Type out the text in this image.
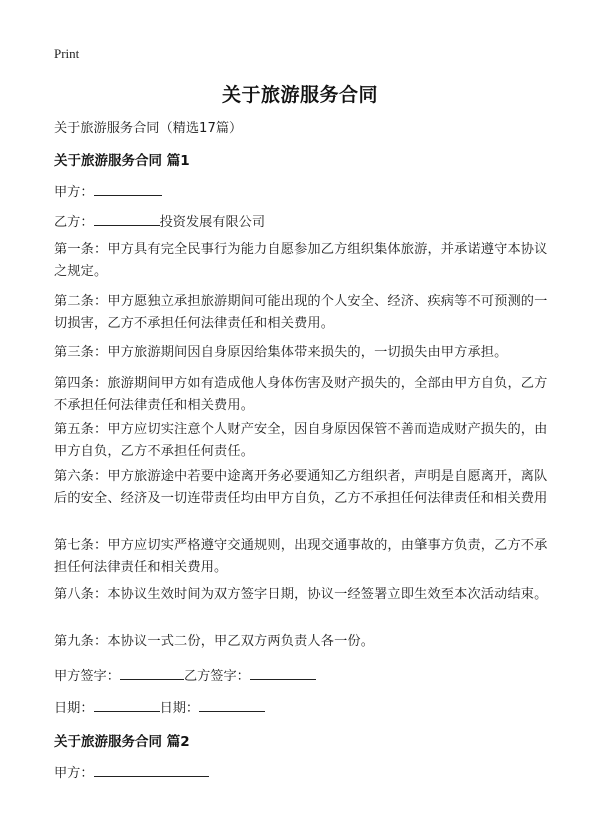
Print
关于旅游服务合同
关于旅游服务合同（精选17篇）
关于旅游服务合同 篇1
甲方：
乙方：	投资发展有限公司
第一条：甲方具有完全民事行为能力自愿参加乙方组织集体旅游，并承诺遵守本协议之规定。
第二条：甲方愿独立承担旅游期间可能出现的个人安全、经济、疾病等不可预测的一切损害，乙方不承担任何法律责任和相关费用。
第三条：甲方旅游期间因自身原因给集体带来损失的，一切损失由甲方承担。
第四条：旅游期间甲方如有造成他人身体伤害及财产损失的，全部由甲方自负，乙方不承担任何法律责任和相关费用。
第五条：甲方应切实注意个人财产安全，因自身原因保管不善而造成财产损失的，由甲方自负，乙方不承担任何责任。
第六条：甲方旅游途中若要中途离开务必要通知乙方组织者，声明是自愿离开，离队后的安全、经济及一切连带责任均由甲方自负，乙方不承担任何法律责任和相关费用
第七条：甲方应切实严格遵守交通规则，出现交通事故的，由肇事方负责，乙方不承担任何法律责任和相关费用。
第八条：本协议生效时间为双方签字日期，协议一经签署立即生效至本次活动结束。
第九条：本协议一式二份，甲乙双方两负责人各一份。
甲方签字：	乙方签字：
日期：	日期：
关于旅游服务合同 篇2
甲方：
